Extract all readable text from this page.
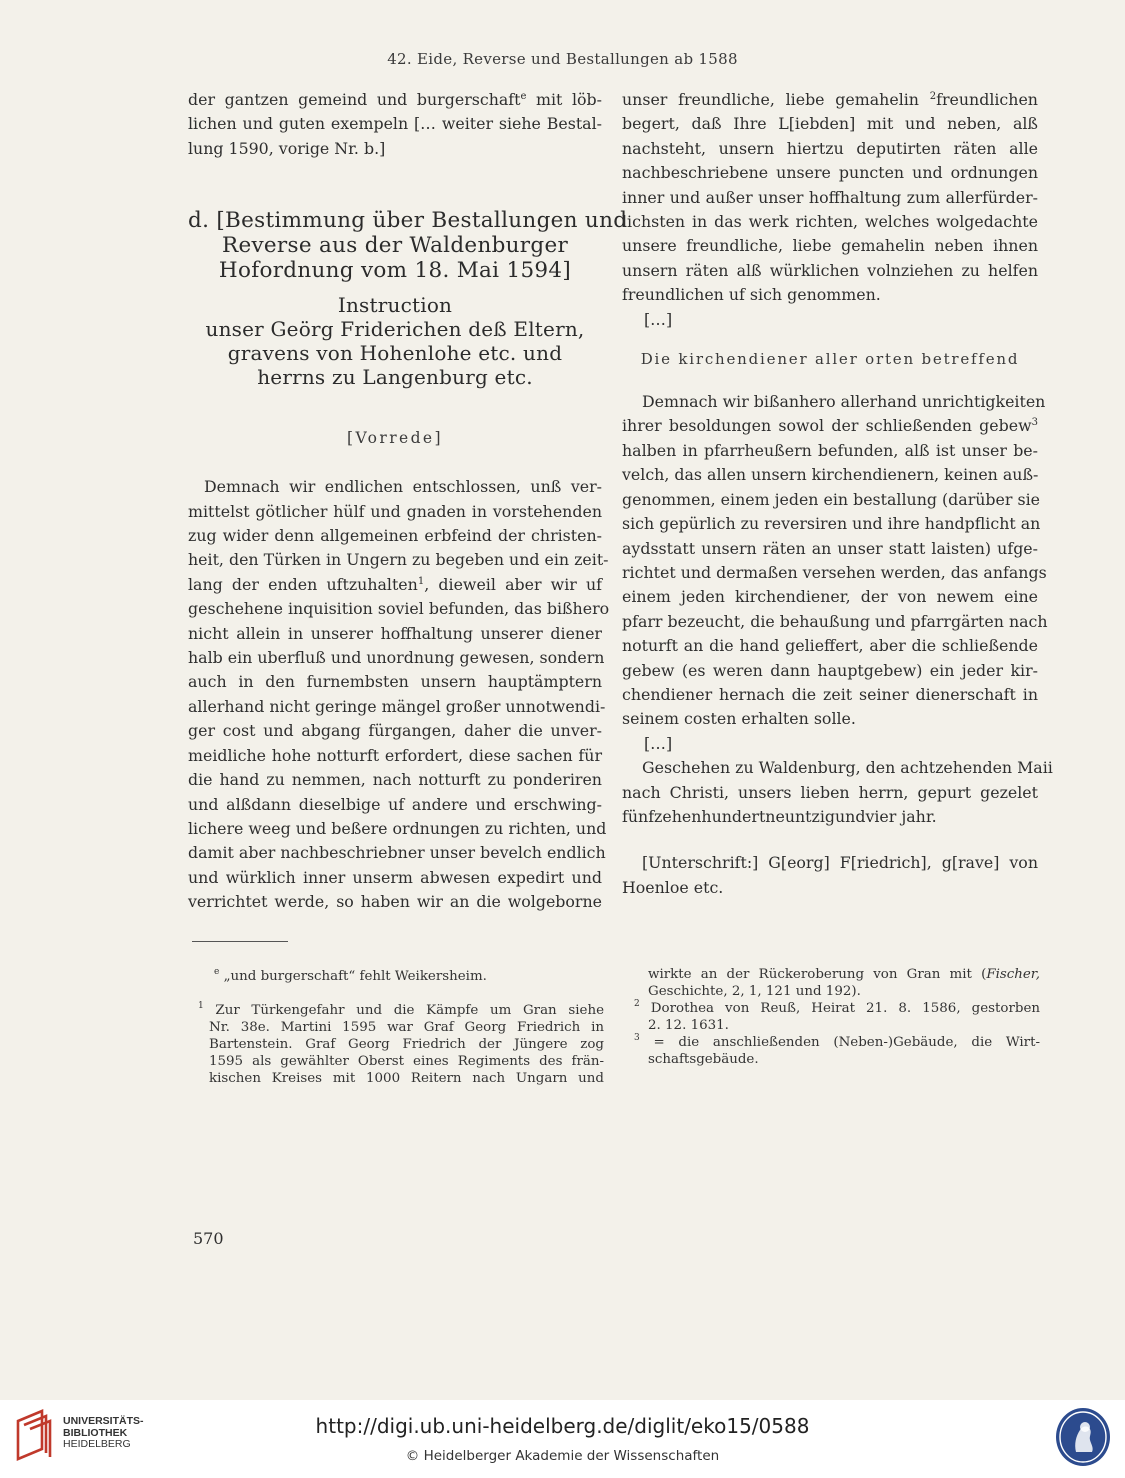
42. Eide, Reverse und Bestallungen ab 1588

der gantzen gemeind und burgerschaft$^e$ mit löb-
lichen und guten exempeln [… weiter siehe Bestal-
lung 1590, vorige Nr. b.]

d. [Bestimmung über Bestallungen und
Reverse aus der Waldenburger
Hofordnung vom 18. Mai 1594]

Instruction
unser Geörg Friderichen deß Eltern,
gravens von Hohenlohe etc. und
herrns zu Langenburg etc.

[Vorrede]

Demnach wir endlichen entschlossen, unß ver-
mittelst götlicher hülf und gnaden in vorstehenden
zug wider denn allgemeinen erbfeind der christen-
heit, den Türken in Ungern zu begeben und ein zeit-
lang der enden uftzuhalten$^1$, dieweil aber wir uf
geschehene inquisition soviel befunden, das bißhero
nicht allein in unserer hoffhaltung unserer diener
halb ein uberfluß und unordnung gewesen, sondern
auch in den furnembsten unsern hauptämptern
allerhand nicht geringe mängel großer unnotwendi-
ger cost und abgang fürgangen, daher die unver-
meidliche hohe notturft erfordert, diese sachen für
die hand zu nemmen, nach notturft zu ponderiren
und alßdann dieselbige uf andere und erschwing-
lichere weeg und beßere ordnungen zu richten, und
damit aber nachbeschriebner unser bevelch endlich
und würklich inner unserm abwesen expedirt und
verrichtet werde, so haben wir an die wolgeborne

unser freundliche, liebe gemahelin $^2$freundlichen
begert, daß Ihre L[iebden] mit und neben, alß
nachsteht, unsern hiertzu deputirten räten alle
nachbeschriebene unsere puncten und ordnungen
inner und außer unser hoffhaltung zum allerfürder-
lichsten in das werk richten, welches wolgedachte
unsere freundliche, liebe gemahelin neben ihnen
unsern räten alß würklichen volnziehen zu helfen
freundlichen uf sich genommen.

[…]

Die kirchendiener aller orten betreffend

Demnach wir bißanhero allerhand unrichtigkeiten
ihrer besoldungen sowol der schließenden gebew$^3$
halben in pfarrheußern befunden, alß ist unser be-
velch, das allen unsern kirchendienern, keinen auß-
genommen, einem jeden ein bestallung (darüber sie
sich gepürlich zu reversiren und ihre handpflicht an
aydsstatt unsern räten an unser statt laisten) ufge-
richtet und dermaßen versehen werden, das anfangs
einem jeden kirchendiener, der von newem eine
pfarr bezeucht, die behaußung und pfarrgärten nach
noturft an die hand gelieffert, aber die schließende
gebew (es weren dann hauptgebew) ein jeder kir-
chendiener hernach die zeit seiner dienerschaft in
seinem costen erhalten solle.

[…]

Geschehen zu Waldenburg, den achtzehenden Maii
nach Christi, unsers lieben herrn, gepurt gezelet
fünfzehenhundertneuntzigundvier jahr.

[Unterschrift:] G[eorg] F[riedrich], g[rave] von
Hoenloe etc.

$^e$ „und burgerschaft“ fehlt Weikersheim.

$^1$ Zur Türkengefahr und die Kämpfe um Gran siehe
Nr. 38e. Martini 1595 war Graf Georg Friedrich in
Bartenstein. Graf Georg Friedrich der Jüngere zog
1595 als gewählter Oberst eines Regiments des frän-
kischen Kreises mit 1000 Reitern nach Ungarn und

wirkte an der Rückeroberung von Gran mit (Fischer,
Geschichte, 2, 1, 121 und 192).

$^2$ Dorothea von Reuß, Heirat 21. 8. 1586, gestorben
2. 12. 1631.

$^3$ = die anschließenden (Neben-)Gebäude, die Wirt-
schaftsgebäude.

570
UNIVERSITÄTS-
BIBLIOTHEK
HEIDELBERG
http://digi.ub.uni-heidelberg.de/diglit/eko15/0588
© Heidelberger Akademie der Wissenschaften
